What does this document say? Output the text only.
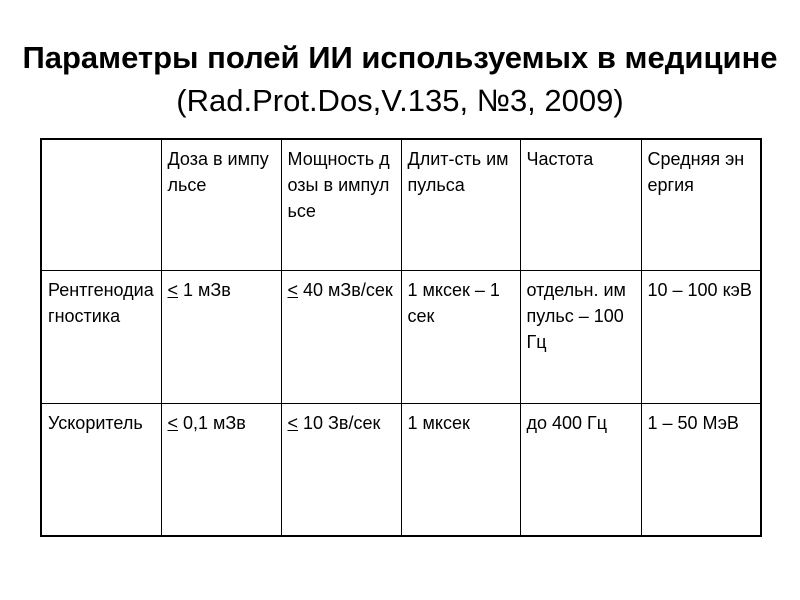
Параметры полей ИИ используемых в медицине (Rad.Prot.Dos,V.135, №3, 2009)
	Доза в импульсе	Мощность дозы в импульсе	Длит-сть импульса	Частота	Средняя энергия
Рентгенодиагностика	≤ 1 мЗв	≤ 40 мЗв/сек	1 мксек – 1 сек	отдельн. импульс – 100 Гц	10 – 100 кэВ
Ускоритель	≤ 0,1 мЗв	≤ 10 Зв/сек	1 мксек	до 400 Гц	1 – 50 МэВ
